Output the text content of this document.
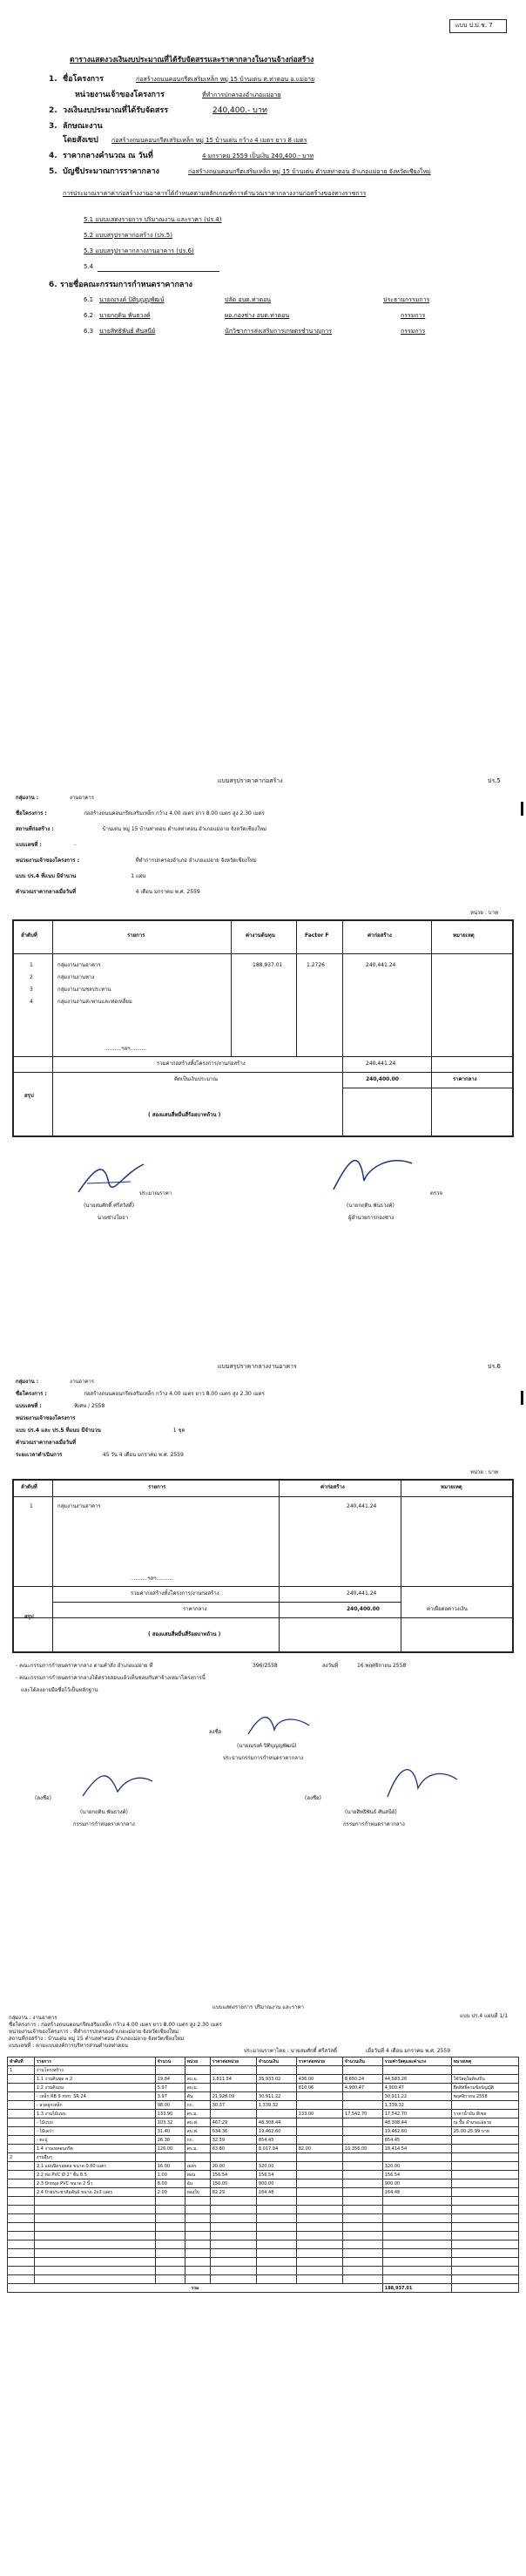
แบบ ป.ป.ช. 7
ตารางแสดงวงเงินงบประมาณที่ได้รับจัดสรรและราคากลางในงานจ้างก่อสร้าง
1. ชื่อโครงการ	ก่อสร้างถนนคอนกรีตเสริมเหล็ก หมู่ 15 บ้านเด่น ต.ท่าตอน อ.แม่อาย
หน่วยงานเจ้าของโครงการ	ที่ทำการปกครองอำเภอแม่อาย
2. วงเงินงบประมาณที่ได้รับจัดสรร	240,400.- บาท
3. ลักษณะงาน
โดยสังเขป ก่อสร้างถนนคอนกรีตเสริมเหล็ก หมู่ 15 บ้านเด่น กว้าง 4 เมตร ยาว 8 เมตร
4. ราคากลางคำนวณ ณ วันที่	4 มกราคม 2559 เป็นเงิน 240,400.- บาท
5. บัญชีประมาณการราคากลาง	ก่อสร้างถนนคอนกรีตเสริมเหล็ก หมู่ 15 บ้านเด่น ตำบลท่าตอน อำเภอแม่อาย จังหวัดเชียงใหม่
การประมาณราคาค่าก่อสร้างงานอาคารได้กำหนดตามหลักเกณฑ์การคำนวณราคากลางงานก่อสร้างของทางราชการ
5.1 แบบแสดงรายการ ปริมาณงาน และราคา (ปร.4)
5.2 แบบสรุปราคาก่อสร้าง (ปร.5)
5.3 แบบสรุปราคากลางงานอาคาร (ปร.6)
5.4
6. รายชื่อคณะกรรมการกำหนดราคากลาง
6.1 นายณรงค์ ปิติบุญญพัฒน์	ปลัด อบต.ท่าตอน	ประธานกรรมการ
6.2 นายกฤติน พันธวงค์	ผอ.กองช่าง อบต.ท่าตอน	กรรมการ
6.3 นายสิทธิพันธ์ ศันสนีย์	นักวิชาการส่งเสริมการเกษตรชำนาญการ	กรรมการ
แบบสรุปราคาค่าก่อสร้าง	ปร.5
กลุ่มงาน :	งานอาคาร
ชื่อโครงการ :	ก่อสร้างถนนคอนกรีตเสริมเหล็ก กว้าง 4.00 เมตร ยาว 8.00 เมตร สูง 2.30 เมตร
สถานที่ก่อสร้าง :	บ้านเด่น หมู่ 15 บ้านท่าตอน ตำบลท่าตอน อำเภอแม่อาย จังหวัดเชียงใหม่
แบบเลขที่ :	-
หน่วยงานเจ้าของโครงการ :	ที่ทำการปกครองอำเภอ อำเภอแม่อาย จังหวัดเชียงใหม่
แบบ ปร.4 ที่แนบ มีจำนวน	1 แผ่น
คำนวณราคากลางเมื่อวันที่	4 เดือน มกราคม พ.ศ. 2559
หน่วย : บาท
ลำดับที่	รายการ	ค่างานต้นทุน	Factor F	ค่าก่อสร้าง	หมายเหตุ
1	กลุ่มงานงานอาคาร	188,937.01	1.2726	240,441.24
2	กลุ่มงานงานทาง
3	กลุ่มงานงานชลประทาน
4	กลุ่มงานงานสะพานและท่อเหลี่ยม
..........ฯลฯ..........
รวมค่าก่อสร้างทั้งโครงการ/งานก่อสร้าง	240,441.24
คิดเป็นเงินประมาณ	240,400.00	ราคากลาง
สรุป
( สองแสนสี่หมื่นสี่ร้อยบาทถ้วน )
ประมาณราคา
(นายสมศักดิ์ ศรีสวัสดิ์)
นายช่างโยธา
ตรวจ
(นายกฤติน พันธวงค์)
ผู้อำนวยการกองช่าง
แบบสรุปราคากลางงานอาคาร	ปร.6
กลุ่มงาน :	งานอาคาร
ชื่อโครงการ :	ก่อสร้างถนนคอนกรีตเสริมเหล็ก กว้าง 4.00 เมตร ยาว 8.00 เมตร สูง 2.30 เมตร
แบบเลขที่ :	พิเศษ / 2558
หน่วยงานเจ้าของโครงการ
แบบ ปร.4 และ ปร.5 ที่แนบ มีจำนวน	1 ชุด
คำนวณราคากลางเมื่อวันที่
ระยะเวลาดำเนินการ	45 วัน 4 เดือน มกราคม พ.ศ. 2559
หน่วย : บาท
ลำดับที่	รายการ	ค่าก่อสร้าง	หมายเหตุ
1	กลุ่มงานงานอาคาร	240,441.24
..........ฯลฯ..........
รวมค่าก่อสร้างทั้งโครงการ/งานก่อสร้าง	240,441.24
ราคากลาง	240,400.00	ค่าเผื่อต่อค่าวงเงิน
สรุป
( สองแสนสี่หมื่นสี่ร้อยบาทถ้วน )
- คณะกรรมการกำหนดราคากลาง ตามคำสั่ง อำเภอแม่อาย ที่	396/2558	ลงวันที่	16 พฤศจิกายน 2558
- คณะกรรมการกำหนดราคากลางได้ตรวจสอบแล้วเห็นชอบกับค่าจ้างเหมาโครงการนี้
และได้ลงลายมือชื่อไว้เป็นหลักฐาน
ลงชื่อ
(นายณรงค์ ปิติบุญญพัฒน์)
ประธานกรรมการกำหนดราคากลาง
(ลงชื่อ)
(นายกฤติน พันธวงค์)
กรรมการกำหนดราคากลาง
(ลงชื่อ)
(นายสิทธิพันธ์ ศันสนีย์)
กรรมการกำหนดราคากลาง
แบบแสดงรายการ ปริมาณงาน และราคา
แบบ ปร.4 แผ่นที่ 1/1
กลุ่มงาน : งานอาคาร
ชื่อโครงการ : ก่อสร้างถนนคอนกรีตเสริมเหล็ก กว้าง 4.00 เมตร ยาว 8.00 เมตร สูง 2.30 เมตร
หน่วยงานเจ้าของโครงการ : ที่ทำการปกครองอำเภอแม่อาย จังหวัดเชียงใหม่
สถานที่ก่อสร้าง : บ้านเด่น หมู่ 15 ตำบลท่าตอน อำเภอแม่อาย จังหวัดเชียงใหม่
แบบเลขที่ : ตามแบบองค์การบริหารส่วนตำบลท่าตอน
ประมาณราคาโดย : นายสมศักดิ์ ศรีสวัสดิ์	เมื่อวันที่ 4 เดือน มกราคม พ.ศ. 2559
ลำดับที่	รายการ	จำนวน	หน่วย	ราคาต่อหน่วย	จำนวนเงิน	ราคาต่อหน่วย	จำนวนเงิน	รวมค่าวัสดุและค่าแรง	หมายเหตุ
1	งานโครงสร้าง								
	1.1 งานดินขุด ค.2	19.84	ลบ.ม.	1,811.54	35,933.02	436.00	8,650.24	44,583.26	ใช้วัสดุในท้องถิ่น
	1.2 งานดินถม	5.97	ลบ.ม.			810.06	4,900.47	4,900.47	ยืดสิทธิ์ตามข้อบัญญัติ
	- เหล็ก RB 9 mm. SR 24	3.97	ตัน	21,928.09	30,911.22			30,911.22	พฤศจิกายน 2558
	- ลวดผูกเหล็ก	98.00	กก.	30.37	1,339.32			1,339.32	
	1.3 งานไม้แบบ	133.90	ตร.ม.			133.00	17,542.70	17,542.70	ราคาน้ำมัน ดีเซล
	- ไม้แบบ	103.32	ลบ.ฟ.	467.29	48,308.44			48,308.44	ณ ปั๊ม อำเภอแม่อาย
	- ไม้เคร่า	31.40	ลบ.ฟ.	634.36	19,462.60			19,462.60	25.00-25.99 บาท
	- ตะปู	26.38	กก.	32.39	854.45			854.45	
	1.4 งานเทคอนกรีต	126.00	ตร.ม.	63.80	8,017.94	82.00	10,356.00	18,414.54	
2	งานอื่นๆ								
	2.1 แผ่นปิดรอยต่อ ขนาด 0.60 เมตร	16.00	เมตร	20.00	320.00			320.00	
	2.2 ท่อ PVC Ø 2" ชั้น 8.5	1.00	ท่อน	156.54	156.54			156.54	
	2.3 ปักหมุด PVC ขนาด 2 นิ้ว	8.00	อัน	150.00	900.00			900.00	
	2.4 ป้ายประชาสัมพันธ์ ขนาด 2x3 เมตร	2.00	ทองใบ	82.29	164.48			164.48	

รวม								188,937.01	
